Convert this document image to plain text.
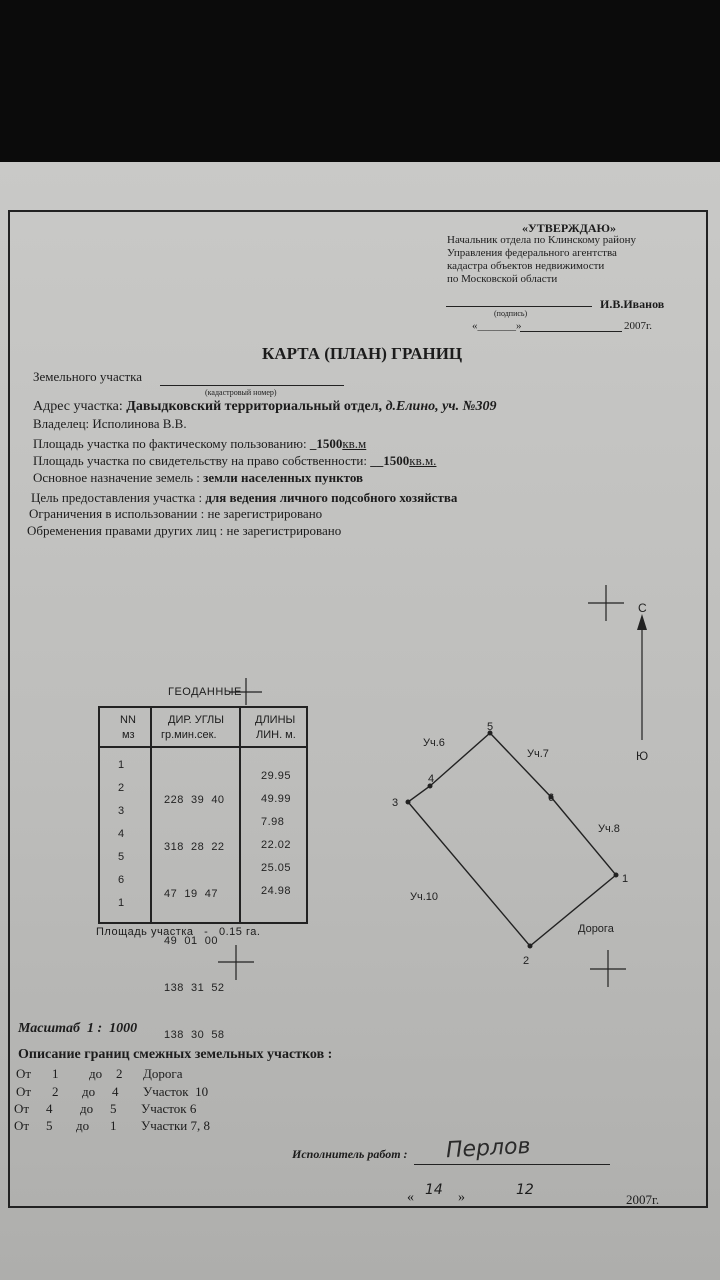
«УТВЕРЖДАЮ»
Начальник отдела по Клинскому району
Управления федерального агентства
кадастра объектов недвижимости
по Московской области
И.В.Иванов
(подпись)
«_______»	2007г.
КАРТА (ПЛАН) ГРАНИЦ
Земельного участка
(кадастровый номер)
Адрес участка: Давыдковский территориальный отдел, д.Елино, уч. №309
Владелец: Исполинова В.В.
Площадь участка по фактическому пользованию: _1500кв.м
Площадь участка по свидетельству на право собственности: __1500кв.м.
Основное назначение земель : земли населенных пунктов
Цель предоставления участка : для ведения личного подсобного хозяйства
Ограничения в использовании : не зарегистрировано
Обременения правами других лиц : не зарегистрировано
ГЕОДАННЫЕ
NN
мз
ДИР. УГЛЫ
гр.мин.сек.
ДЛИНЫ
ЛИН. м.
1
2
3
4
5
6
1

228  39  40

318  28  22

47  19  47

49  01  00

138  31  52

138  30  58

29.95
49.99
7.98
22.02
25.05
24.98
Площадь участка   -   0.15 га.
С
Ю
1
2
3
4
5
6
Уч.6
Уч.7
Уч.8
Уч.10
Дорога
Масштаб  1 :  1000
Описание границ смежных земельных участков :
От 1 до 2 Дорога
От 2 до 4 Участок  10
От 4 до 5 Участок 6
От 5 до 1 Участки 7, 8
Исполнитель работ : Перлов
« 14 »	12
2007г.
